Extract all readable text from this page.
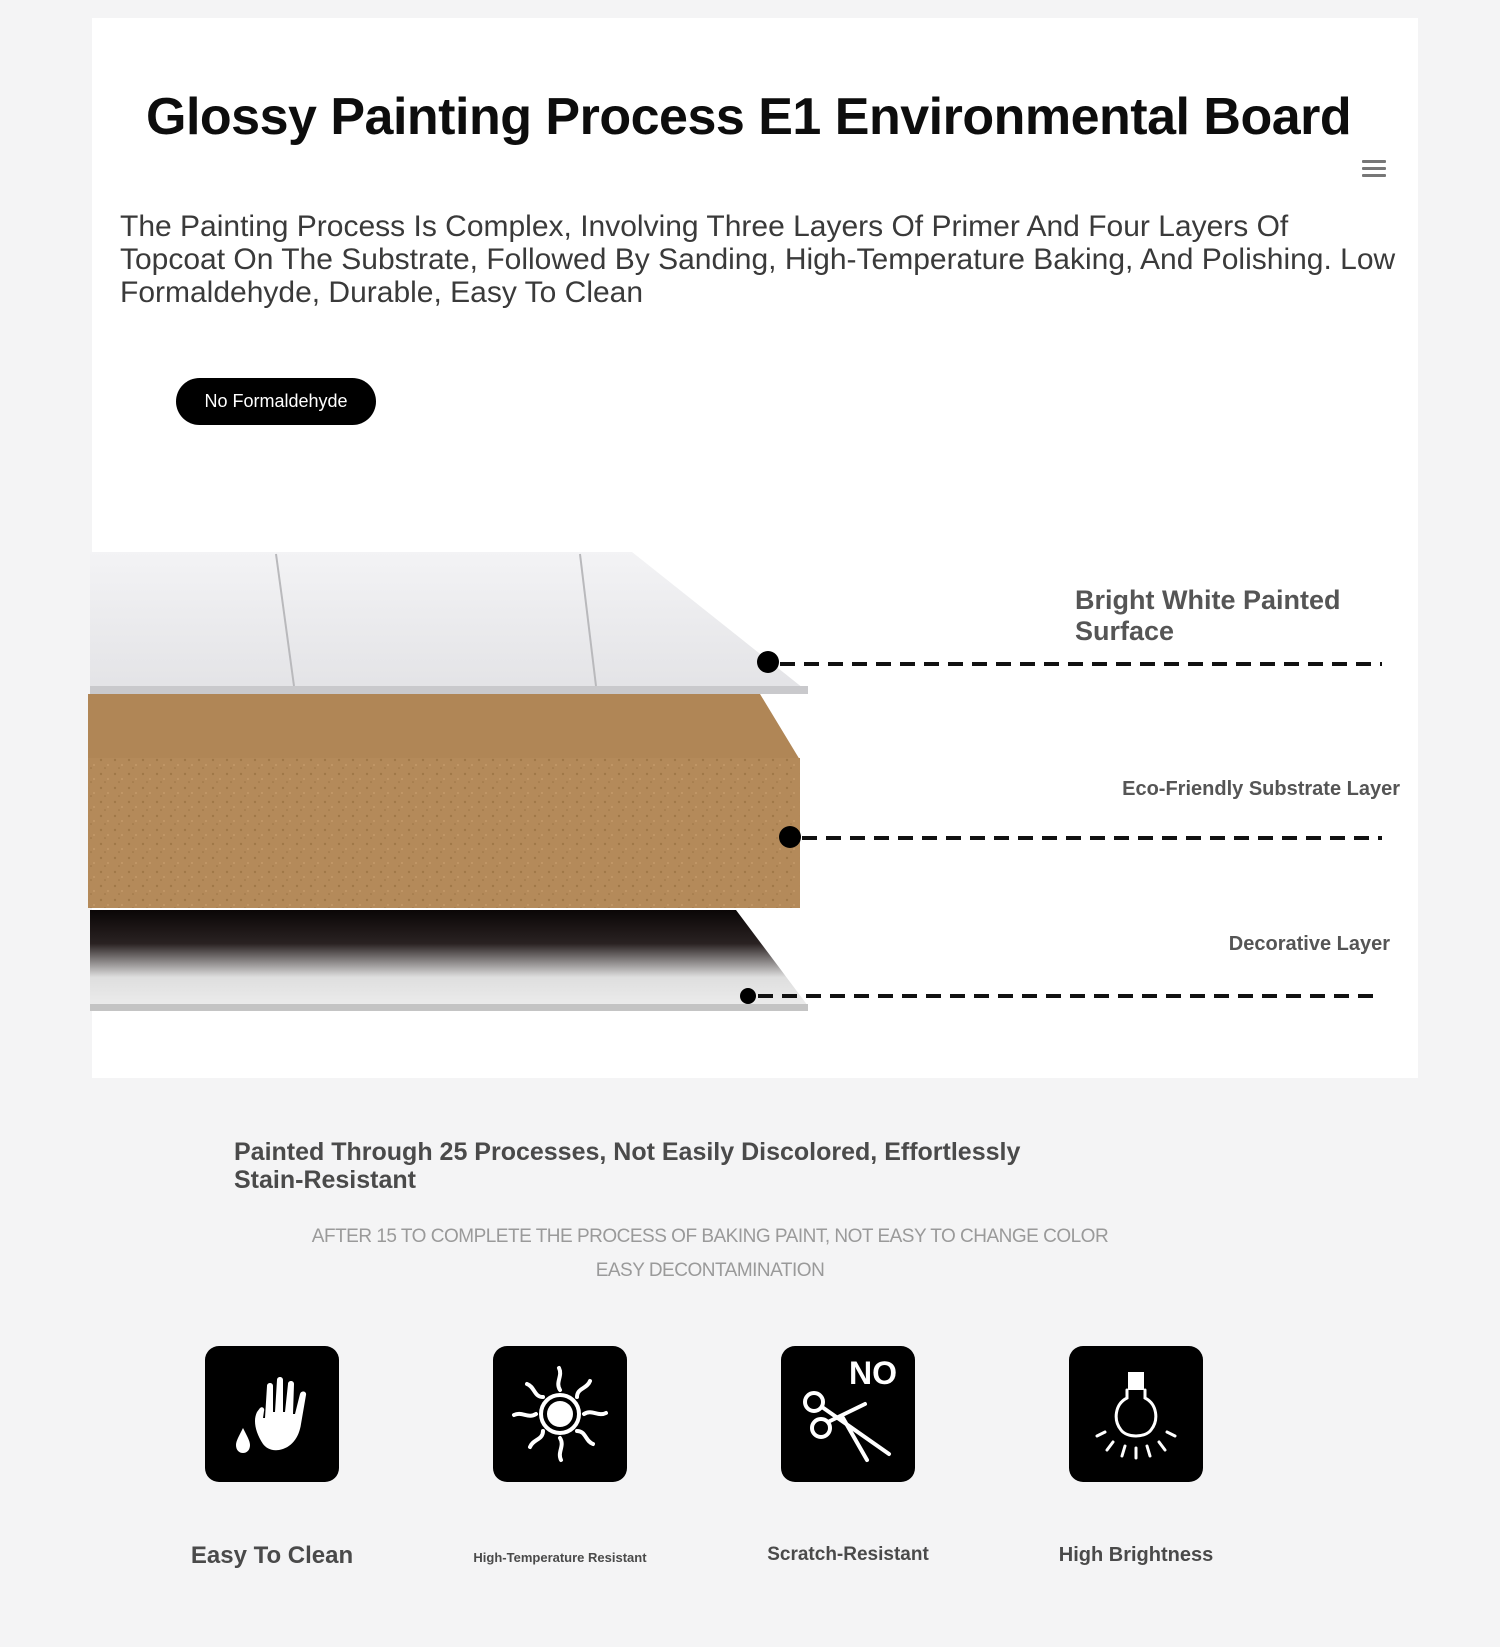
Glossy Painting Process E1 Environmental Board
The Painting Process Is Complex, Involving Three Layers Of Primer And Four Layers Of Topcoat On The Substrate, Followed By Sanding, High-Temperature Baking, And Polishing. Low Formaldehyde, Durable, Easy To Clean
No Formaldehyde
Bright White Painted Surface
Eco-Friendly Substrate Layer
Decorative Layer
Painted Through 25 Processes, Not Easily Discolored, Effortlessly Stain-Resistant
AFTER 15 TO COMPLETE THE PROCESS OF BAKING PAINT, NOT EASY TO CHANGE COLOR
EASY DECONTAMINATION
Easy To Clean	High-Temperature Resistant
NO
Scratch-Resistant	High Brightness
